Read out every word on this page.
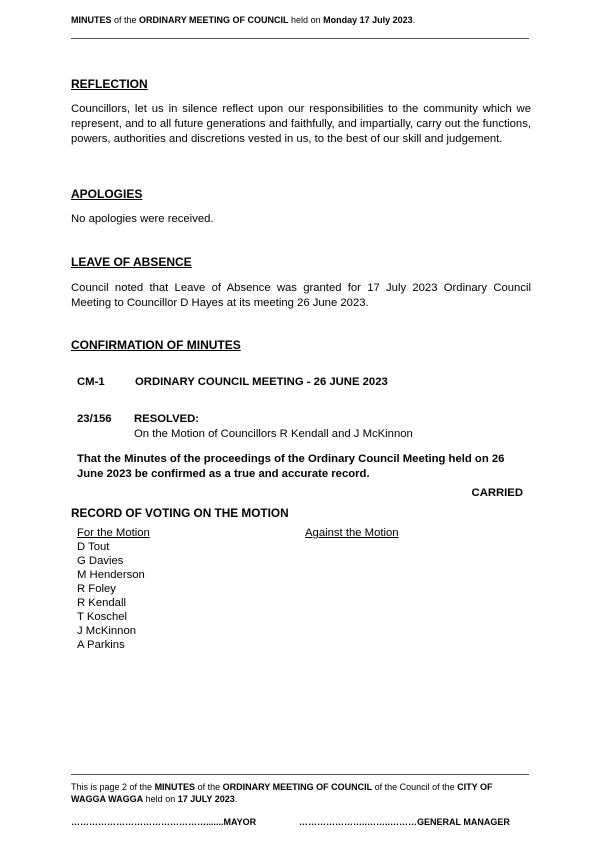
MINUTES of the ORDINARY MEETING OF COUNCIL held on Monday 17 July 2023.
REFLECTION
Councillors, let us in silence reflect upon our responsibilities to the community which we represent, and to all future generations and faithfully, and impartially, carry out the functions, powers, authorities and discretions vested in us, to the best of our skill and judgement.
APOLOGIES
No apologies were received.
LEAVE OF ABSENCE
Council noted that Leave of Absence was granted for 17 July 2023 Ordinary Council Meeting to Councillor D Hayes at its meeting 26 June 2023.
CONFIRMATION OF MINUTES
CM-1	ORDINARY COUNCIL MEETING - 26 JUNE 2023
23/156 RESOLVED:
On the Motion of Councillors R Kendall and J McKinnon
That the Minutes of the proceedings of the Ordinary Council Meeting held on 26 June 2023 be confirmed as a true and accurate record.
CARRIED
RECORD OF VOTING ON THE MOTION
For the Motion	Against the Motion
D Tout
G Davies
M Henderson
R Foley
R Kendall
T Koschel
J McKinnon
A Parkins
This is page 2 of the MINUTES of the ORDINARY MEETING OF COUNCIL of the Council of the CITY OF WAGGA WAGGA held on 17 JULY 2023.
……………………………………….......MAYOR	…………………..……..………GENERAL MANAGER
